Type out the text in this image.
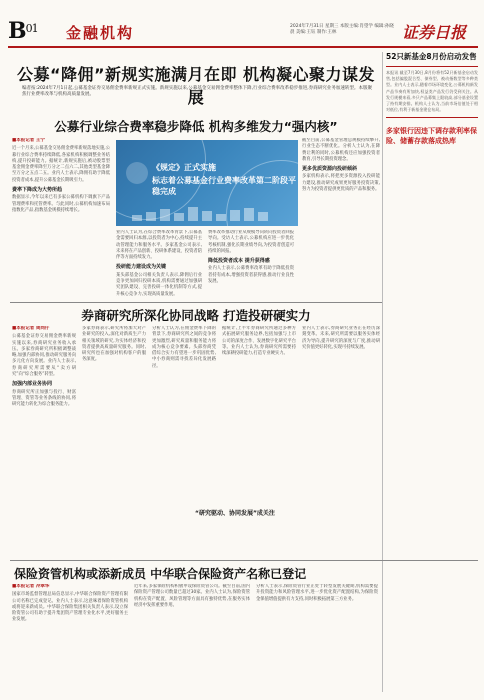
$B^{01}$ 金融机构	2024年7月31日 星期三 本版主编:肖望学 编辑:孙晓晨 美编:王钰 制作:王林	证券日报
52只新基金8月份启动发售
本报讯 截至7月30日,8月份将有52只新基金启动发售,包括偏股混合型、债券型、被动指数型等多种类型。业内人士表示,随着市场环境变化,公募机构新发产品节奏有所加快,权益类产品发行仍受到关注。从发行规模来看,多只产品募集上限较高,部分基金设置了持有期安排。机构人士认为,当前市场估值处于相对低位,有利于新基金建仓布局。
多家银行因违下调存款利率保险、储蓄存款落成热库
公募“降佣”新规实施满月在即 机构凝心聚力谋发展
编者按:2024年7月1日起,公募基金证券交易佣金费率新规正式实施。新规实施以来,公募基金交易佣金费率整体下降,行业综合费率改革稳步推进,券商研究业务加速转型。本版聚焦行业费率改革与机构高质量发展。
公募行业综合费率稳步降低 机构多维发力“强内核”
■本报记者 王宁
近一个月来,公募基金交易佣金费率新规落地实施,公募行业综合费率持续降低,各家机构积极调整业务结构,提升投研能力。据统计,新规实施后,被动股票型基金佣金费率降至万分之二点六二,其他类型基金降至万分之五点二五。业内人士表示,降佣有助于降低投资者成本,提升公募基金长期吸引力。
费率下降成为大势所趋
数据显示,今年以来已有多家公募机构下调旗下产品管理费率和托管费率。与此同时,公募机构加速布局指数化产品,指数基金规模持续增长。
《规定》正式实施
标志着公募基金行业费率改革第二阶段平稳完成
业内人士认为,在综合费率改革背景下,公募基金需要回归本源,以投资者为中心,持续提升主动管理能力和服务水平。多家基金公司表示,未来将在产品创新、投研体系建设、投资者陪伴等方面持续发力。
投研能力建设成为关键
某头部基金公司相关负责人表示,降佣后行业竞争更加回归投研本质,机构需要通过加强研究团队建设、完善投研一体化机制等方式,提升核心竞争力,实现高质量发展。
费率改革推动行业从规模导向转向投资者回报导向。受访人士表示,公募机构应进一步优化考核机制,强化长期业绩导向,为投资者创造可持续的回报。
降低投资者成本 提升获得感
业内人士表示,公募费率改革有助于降低投资者持有成本,增强投资者获得感,推动行业良性发展。
截至目前,公募基金管理总规模持续攀升,行业生态不断优化。分析人士认为,在降费让利的同时,公募机构还应加强投资者教育,引导长期投资理念。
更多优质资源向投研倾斜
多家机构表示,将把更多资源投入投研能力建设,推动研究成果更好服务投资决策,努力为投资者提供更优质的产品和服务。
券商研究所深化协同战略 打造投研硬实力
■本报记者 周尚仔
公募基金证券交易佣金费率新规实施以来,券商研究业务收入承压。多家券商研究所积极调整战略,加强内部协同,推动研究服务向多元化方向发展。业内人士表示,券商研究所需要从“卖方研究”向“综合服务”转型。
加强内部业务协同
券商研究所正加强与投行、财富管理、资管等业务条线的协同,将研究能力转化为综合服务能力。
多家券商表示,研究所将加大对产业研究的投入,深化对新质生产力相关领域的研究,为实体经济和投资者提供高质量研究服务。同时,研究所也在加强对机构客户的服务深度。
分析人士认为,在佣金费率下降的背景下,券商研究所之间的竞争将更加激烈,研究质量和服务能力将成为核心竞争要素。头部券商凭借综合实力有望进一步巩固优势,中小券商则需寻找差异化发展路径。
“研究驱动、协同发展”成关注
据统计,上半年券商研究所通过多种方式拓展研究服务边界,包括加强与上市公司的深度合作、发展数字化研究平台等。业内人士认为,券商研究所需要持续深耕投研能力,打造专业硬实力。
业内人士表示,券商研究业务正在经历深刻变革。未来,研究所需要以服务实体经济为导向,提升研究的深度与广度,推动研究价值更好转化,实现可持续发展。
保险资管机构或添新成员 中华联合保险资产名称已登记
■本报记者 冷翠华
国家市场监督管理总局信息显示,中华联合保险资产管理有限公司名称已完成登记。业内人士表示,这意味着保险资管机构或将迎来新成员。中华联合保险集团相关负责人表示,设立保险资管公司有助于提升集团资产管理专业化水平,更好服务主业发展。
近年来,多家保险机构积极申设保险资管公司。截至目前,国内保险资产管理公司数量已超过30家。业内人士认为,保险资管机构在资产配置、风险管理等方面具有独特优势,在服务实体经济中发挥重要作用。
分析人士表示,保险资管行业正处于转型发展关键期,机构需要提升投资能力和风险管理水平,进一步优化资产配置结构,为保险资金保值增值提供有力支持,同时积极拓展第三方业务。
